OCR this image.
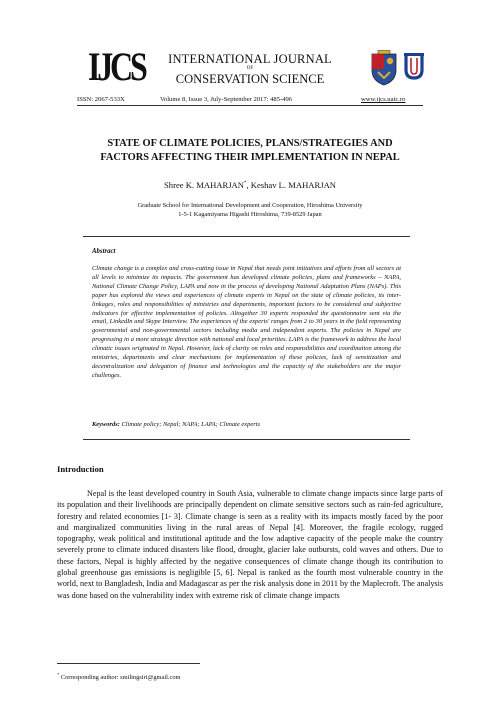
IJCS	INTERNATIONAL JOURNAL
OF
CONSERVATION SCIENCE
ISSN: 2067-533X	Volume 8, Issue 3, July-September 2017: 485-496	www.ijcs.uaic.ro
STATE OF CLIMATE POLICIES, PLANS/STRATEGIES AND
FACTORS AFFECTING THEIR IMPLEMENTATION IN NEPAL
Shree K. MAHARJAN*, Keshav L. MAHARJAN
Graduate School for International Development and Cooperation, Hiroshima University
1-5-1 Kagamiyama Higashi Hiroshima, 739-8529 Japan
Abstract
Climate change is a complex and cross-cutting issue in Nepal that needs joint initiatives and efforts from all sectors at all levels to minimize its impacts. The government has developed climate policies, plans and frameworks – NAPA, National Climate Change Policy, LAPA and now in the process of developing National Adaptation Plans (NAPs). This paper has explored the views and experiences of climate experts in Nepal on the state of climate policies, its inter-linkages, roles and responsibilities of ministries and departments, important factors to be considered and subjective indicators for effective implementation of policies. Altogether 30 experts responded the questionnaire sent via the email, LinkedIn and Skype Interview. The experiences of the experts' ranges from 2 to 30 years in the field representing governmental and non-governmental sectors including media and independent experts. The policies in Nepal are progressing in a more strategic direction with national and local priorities. LAPA is the framework to address the local climatic issues originated in Nepal. However, lack of clarity on roles and responsibilities and coordination among the ministries, departments and clear mechanisms for implementation of these policies, lack of sensitization and decentralization and delegation of finance and technologies and the capacity of the stakeholders are the major challenges.
Keywords: Climate policy; Nepal; NAPA; LAPA; Climate experts
Introduction
Nepal is the least developed country in South Asia, vulnerable to climate change impacts since large parts of its population and their livelihoods are principally dependent on climate sensitive sectors such as rain-fed agriculture, forestry and related economies [1- 3]. Climate change is seen as a reality with its impacts mostly faced by the poor and marginalized communities living in the rural areas of Nepal [4]. Moreover, the fragile ecology, rugged topography, weak political and institutional aptitude and the low adaptive capacity of the people make the country severely prone to climate induced disasters like flood, drought, glacier lake outbursts, cold waves and others. Due to these factors, Nepal is highly affected by the negative consequences of climate change though its contribution to global greenhouse gas emissions is negligible [5, 6]. Nepal is ranked as the fourth most vulnerable country in the world, next to Bangladesh, India and Madagascar as per the risk analysis done in 2011 by the Maplecroft. The analysis was done based on the vulnerability index with extreme risk of climate change impacts
* Corresponding author: smilingsiri@gmail.com
